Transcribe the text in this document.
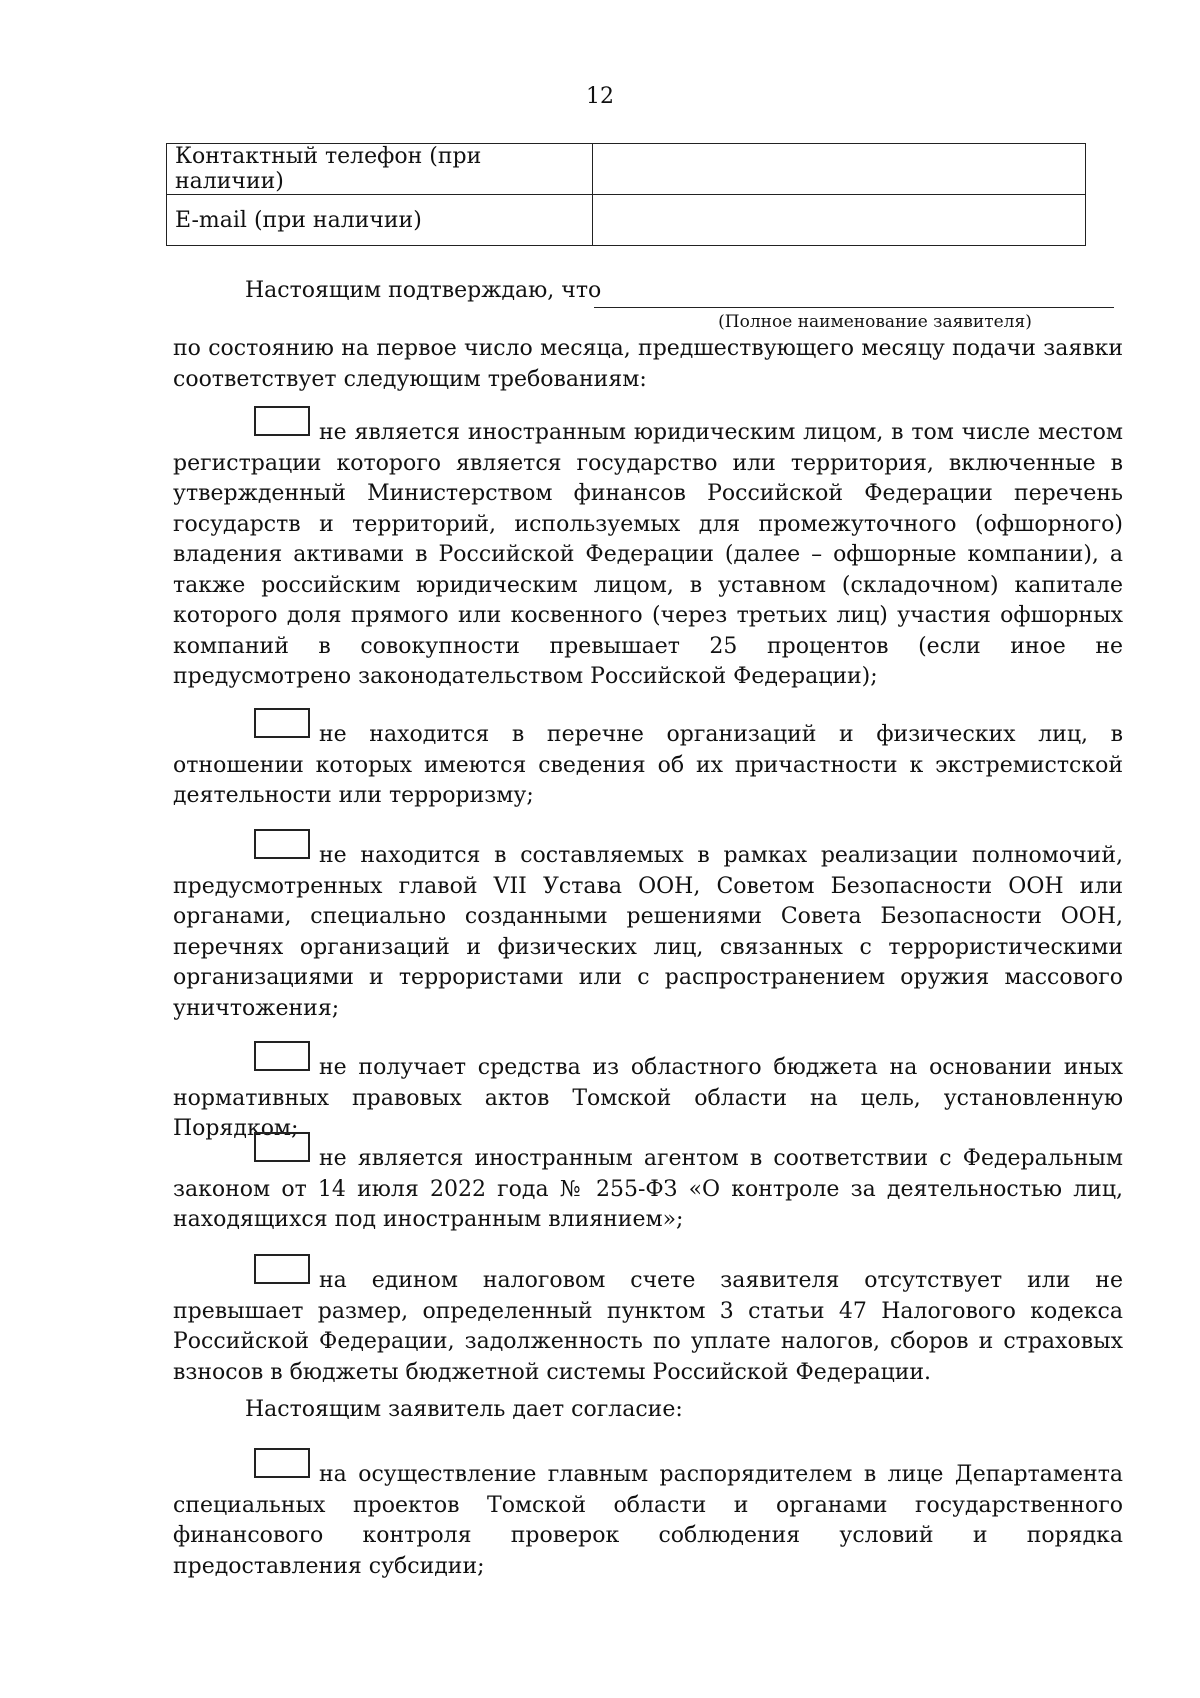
12
Контактный телефон (при наличии)	
E-mail (при наличии)	
Настоящим подтверждаю, что
(Полное наименование заявителя)

по состоянию на первое число месяца, предшествующего месяцу подачи заявки соответствует следующим требованиям:

не является иностранным юридическим лицом, в том числе местом регистрации которого является государство или территория, включенные в утвержденный Министерством финансов Российской Федерации перечень государств и территорий, используемых для промежуточного (офшорного) владения активами в Российской Федерации (далее – офшорные компании), а также российским юридическим лицом, в уставном (складочном) капитале которого доля прямого или косвенного (через третьих лиц) участия офшорных компаний в совокупности превышает 25 процентов (если иное не предусмотрено законодательством Российской Федерации);

не находится в перечне организаций и физических лиц, в отношении которых имеются сведения об их причастности к экстремистской деятельности или терроризму;

не находится в составляемых в рамках реализации полномочий, предусмотренных главой VII Устава ООН, Советом Безопасности ООН или органами, специально созданными решениями Совета Безопасности ООН, перечнях организаций и физических лиц, связанных с террористическими организациями и террористами или с распространением оружия массового уничтожения;

не получает средства из областного бюджета на основании иных нормативных правовых актов Томской области на цель, установленную Порядком;

не является иностранным агентом в соответствии с Федеральным законом от 14 июля 2022 года № 255-ФЗ «О контроле за деятельностью лиц, находящихся под иностранным влиянием»;

на едином налоговом счете заявителя отсутствует или не превышает размер, определенный пунктом 3 статьи 47 Налогового кодекса Российской Федерации, задолженность по уплате налогов, сборов и страховых взносов в бюджеты бюджетной системы Российской Федерации.

Настоящим заявитель дает согласие:

на осуществление главным распорядителем в лице Департамента специальных проектов Томской области и органами государственного финансового контроля проверок соблюдения условий и порядка предоставления субсидии;
